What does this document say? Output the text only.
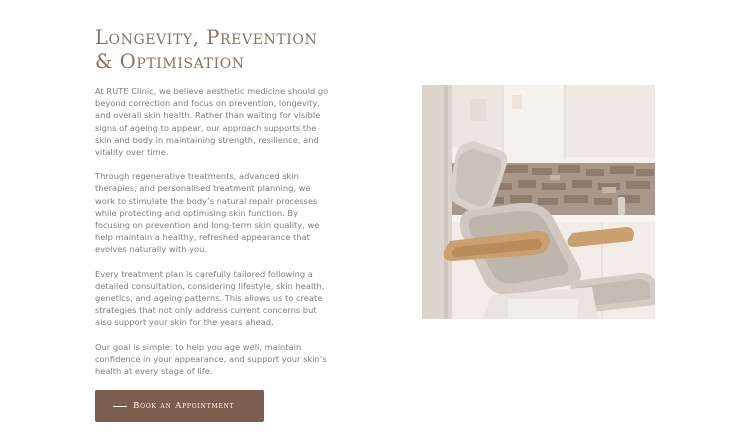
Longevity, Prevention & Optimisation

At RUTE Clinic, we believe aesthetic medicine should go beyond correction and focus on prevention, longevity, and overall skin health. Rather than waiting for visible signs of ageing to appear, our approach supports the skin and body in maintaining strength, resilience, and vitality over time.

Through regenerative treatments, advanced skin therapies, and personalised treatment planning, we work to stimulate the body’s natural repair processes while protecting and optimising skin function. By focusing on prevention and long-term skin quality, we help maintain a healthy, refreshed appearance that evolves naturally with you.

Every treatment plan is carefully tailored following a detailed consultation, considering lifestyle, skin health, genetics, and ageing patterns. This allows us to create strategies that not only address current concerns but also support your skin for the years ahead.

Our goal is simple: to help you age well, maintain confidence in your appearance, and support your skin’s health at every stage of life.

Book an Appointment
